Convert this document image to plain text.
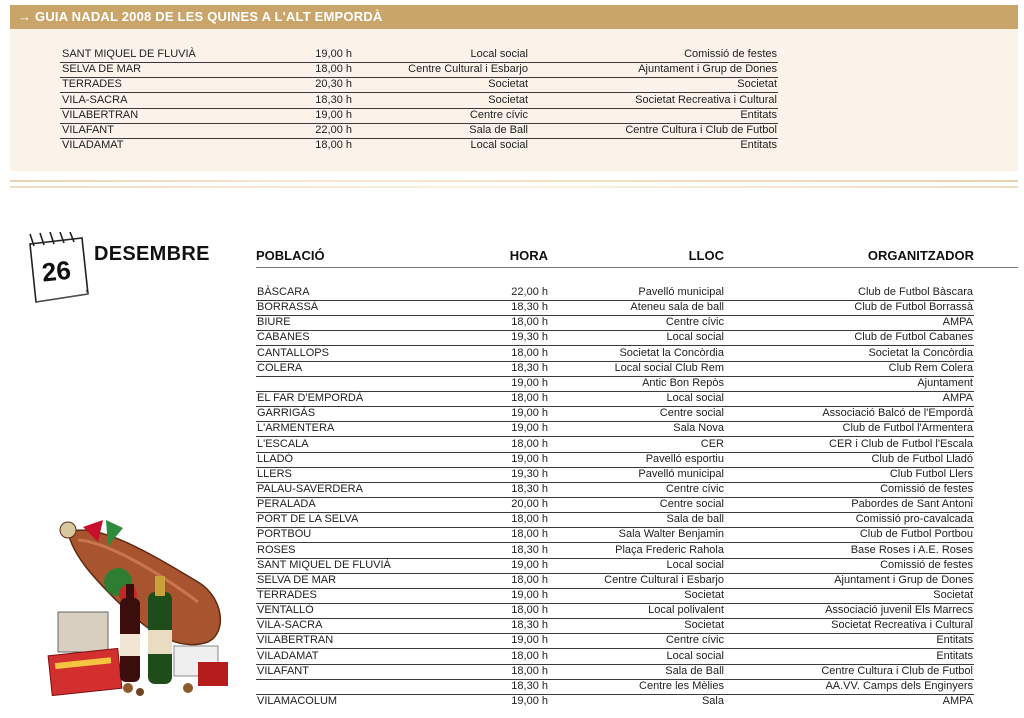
→ GUIA NADAL 2008 DE LES QUINES A L'ALT EMPORDÀ
SANT MIQUEL DE FLUVIÀ	19,00 h	Local social	Comissió de festes
SELVA DE MAR	18,00 h	Centre Cultural i Esbarjo	Ajuntament i Grup de Dones
TERRADES	20,30 h	Societat	Societat
VILA-SACRA	18,30 h	Societat	Societat Recreativa i Cultural
VILABERTRAN	19,00 h	Centre cívic	Entitats
VILAFANT	22,00 h	Sala de Ball	Centre Cultura i Club de Futbol
VILADAMAT	18,00 h	Local social	Entitats
26
DESEMBRE	POBLACIÓ	HORA	LLOC	ORGANITZADOR
BÀSCARA	22,00 h	Pavelló municipal	Club de Futbol Bàscara
BORRASSÀ	18,30 h	Ateneu sala de ball	Club de Futbol Borrassà
BIURE	18,00 h	Centre cívic	AMPA
CABANES	19,30 h	Local social	Club de Futbol Cabanes
CANTALLOPS	18,00 h	Societat la Concòrdia	Societat la Concòrdia
COLERA	18,30 h	Local social Club Rem	Club Rem Colera
19,00 h	Antic Bon Repòs	Ajuntament
EL FAR D'EMPORDÀ	18,00 h	Local social	AMPA
GARRIGÀS	19,00 h	Centre social	Associació Balcó de l'Empordà
L'ARMENTERA	19,00 h	Sala Nova	Club de Futbol l'Armentera
L'ESCALA	18,00 h	CER	CER i Club de Futbol l'Escala
LLADÓ	19,00 h	Pavelló esportiu	Club de Futbol Lladó
LLERS	19,30 h	Pavelló municipal	Club Futbol Llers
PALAU-SAVERDERA	18,30 h	Centre cívic	Comissió de festes
PERALADA	20,00 h	Centre social	Pabordes de Sant Antoni
PORT DE LA SELVA	18,00 h	Sala de ball	Comissió pro-cavalcada
PORTBOU	18,00 h	Sala Walter Benjamin	Club de Futbol Portbou
ROSES	18,30 h	Plaça Frederic Rahola	Base Roses i A.E. Roses
SANT MIQUEL DE FLUVIÀ	19,00 h	Local social	Comissió de festes
SELVA DE MAR	18,00 h	Centre Cultural i Esbarjo	Ajuntament i Grup de Dones
TERRADES	19,00 h	Societat	Societat
VENTALLÓ	18,00 h	Local polivalent	Associació juvenil Els Marrecs
VILA-SACRA	18,30 h	Societat	Societat Recreativa i Cultural
VILABERTRAN	19,00 h	Centre cívic	Entitats
VILADAMAT	18,00 h	Local social	Entitats
VILAFANT	18,00 h	Sala de Ball	Centre Cultura i Club de Futbol
18,30 h	Centre les Mèlies	AA.VV. Camps dels Enginyers
VILAMACOLUM	19,00 h	Sala	AMPA
